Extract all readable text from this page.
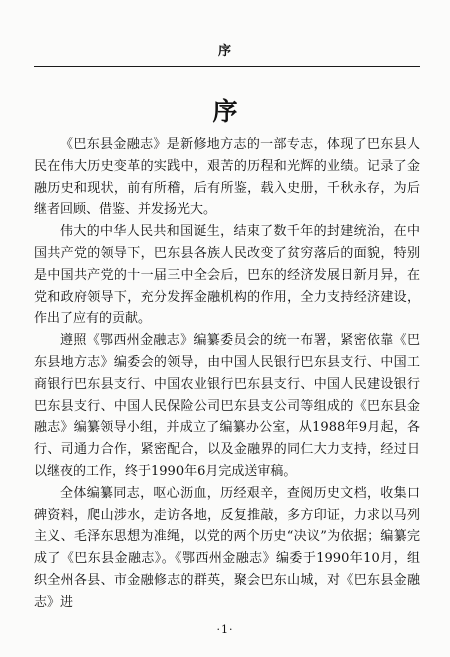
序
序

《巴东县金融志》是新修地方志的一部专志，体现了巴东县人民在伟大历史变革的实践中，艰苦的历程和光辉的业绩。记录了金融历史和现状，前有所稽，后有所鉴，载入史册，千秋永存，为后继者回顾、借鉴、并发扬光大。

伟大的中华人民共和国诞生，结束了数千年的封建统治，在中国共产党的领导下，巴东县各族人民改变了贫穷落后的面貌，特别是中国共产党的十一届三中全会后，巴东的经济发展日新月异，在党和政府领导下，充分发挥金融机构的作用，全力支持经济建设，作出了应有的贡献。

遵照《鄂西州金融志》编纂委员会的统一布署，紧密依靠《巴东县地方志》编委会的领导，由中国人民银行巴东县支行、中国工商银行巴东县支行、中国农业银行巴东县支行、中国人民建设银行巴东县支行、中国人民保险公司巴东县支公司等组成的《巴东县金融志》编纂领导小组，并成立了编纂办公室，从1988年9月起，各行、司通力合作，紧密配合，以及金融界的同仁大力支持，经过日以继夜的工作，终于1990年6月完成送审稿。

全体编纂同志，呕心沥血，历经艰辛，查阅历史文档，收集口碑资料，爬山涉水，走访各地，反复推敲，多方印证，力求以马列主义、毛泽东思想为准绳，以党的两个历史“决议”为依据；编纂完成了《巴东县金融志》。《鄂西州金融志》编委于1990年10月，组织全州各县、市金融修志的群英，聚会巴东山城，对《巴东县金融志》进

·1·
